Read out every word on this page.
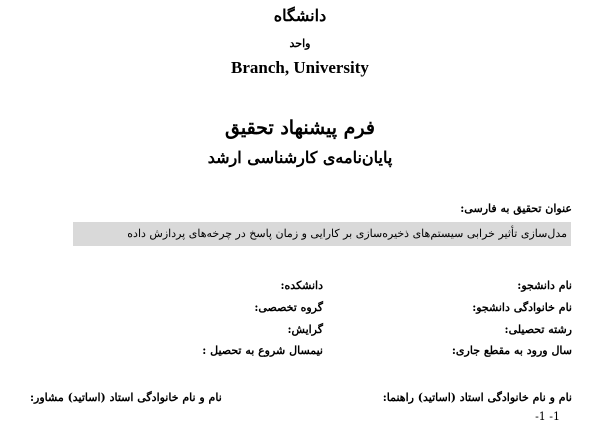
دانشگاه
واحد
Branch, University
فرم پیشنهاد تحقیق
پایان‌نامه‌ی کارشناسی ارشد
عنوان تحقیق به فارسی:
مدل‌سازی تأثیر خرابی سیستم‌های ذخیره‌سازی بر کارایی و زمان پاسخ در چرخه‌های پردازش داده
نام دانشجو:
نام خانوادگی دانشجو:
رشته تحصیلی:
سال ورود به مقطع جاری:
دانشکده:
گروه تخصصی:
گرایش:
نیمسال شروع به تحصیل :
نام و نام خانوادگی استاد (اساتید) راهنما:
نام و نام خانوادگی استاد (اساتید) مشاور:
-1 -1
